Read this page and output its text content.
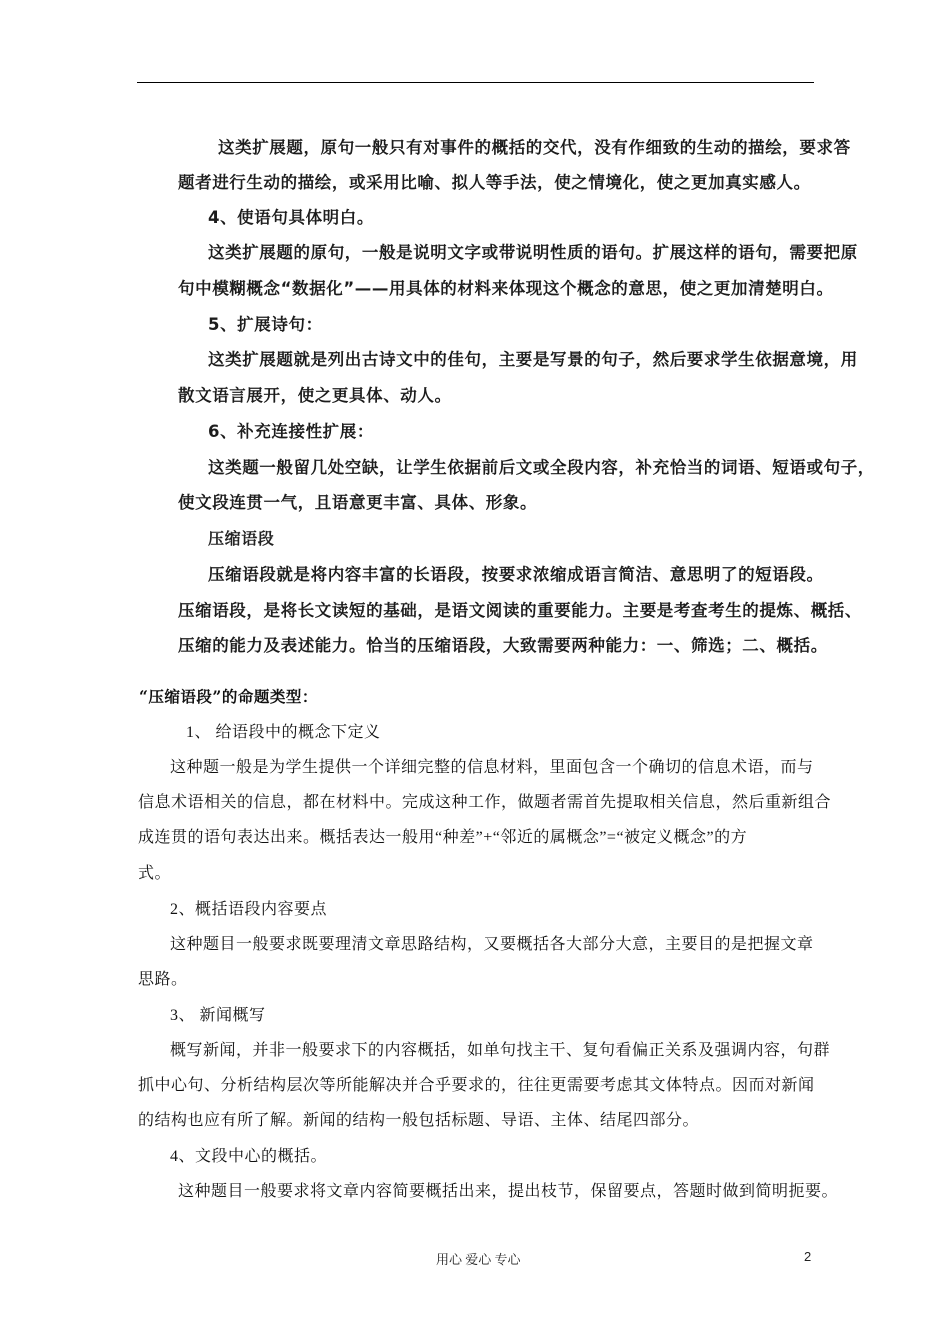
这类扩展题，原句一般只有对事件的概括的交代，没有作细致的生动的描绘，要求答
题者进行生动的描绘，或采用比喻、拟人等手法，使之情境化，使之更加真实感人。
4、使语句具体明白。
这类扩展题的原句，一般是说明文字或带说明性质的语句。扩展这样的语句，需要把原
句中模糊概念“数据化”——用具体的材料来体现这个概念的意思，使之更加清楚明白。
5、扩展诗句：
这类扩展题就是列出古诗文中的佳句，主要是写景的句子，然后要求学生依据意境，用
散文语言展开，使之更具体、动人。
6、补充连接性扩展：
这类题一般留几处空缺，让学生依据前后文或全段内容，补充恰当的词语、短语或句子，
使文段连贯一气，且语意更丰富、具体、形象。
压缩语段
压缩语段就是将内容丰富的长语段，按要求浓缩成语言简洁、意思明了的短语段。
压缩语段，是将长文读短的基础，是语文阅读的重要能力。主要是考查考生的提炼、概括、
压缩的能力及表述能力。恰当的压缩语段，大致需要两种能力：一、筛选；二、概括。
“压缩语段”的命题类型：
1、 给语段中的概念下定义
这种题一般是为学生提供一个详细完整的信息材料，里面包含一个确切的信息术语，而与
信息术语相关的信息，都在材料中。完成这种工作，做题者需首先提取相关信息，然后重新组合
成连贯的语句表达出来。概括表达一般用“种差”+“邻近的属概念”=“被定义概念”的方
式。
2、概括语段内容要点
这种题目一般要求既要理清文章思路结构，又要概括各大部分大意，主要目的是把握文章
思路。
3、 新闻概写
概写新闻，并非一般要求下的内容概括，如单句找主干、复句看偏正关系及强调内容，句群
抓中心句、分析结构层次等所能解决并合乎要求的，往往更需要考虑其文体特点。因而对新闻
的结构也应有所了解。新闻的结构一般包括标题、导语、主体、结尾四部分。
4、文段中心的概括。
这种题目一般要求将文章内容简要概括出来，提出枝节，保留要点，答题时做到简明扼要。
用心 爱心 专心	2
